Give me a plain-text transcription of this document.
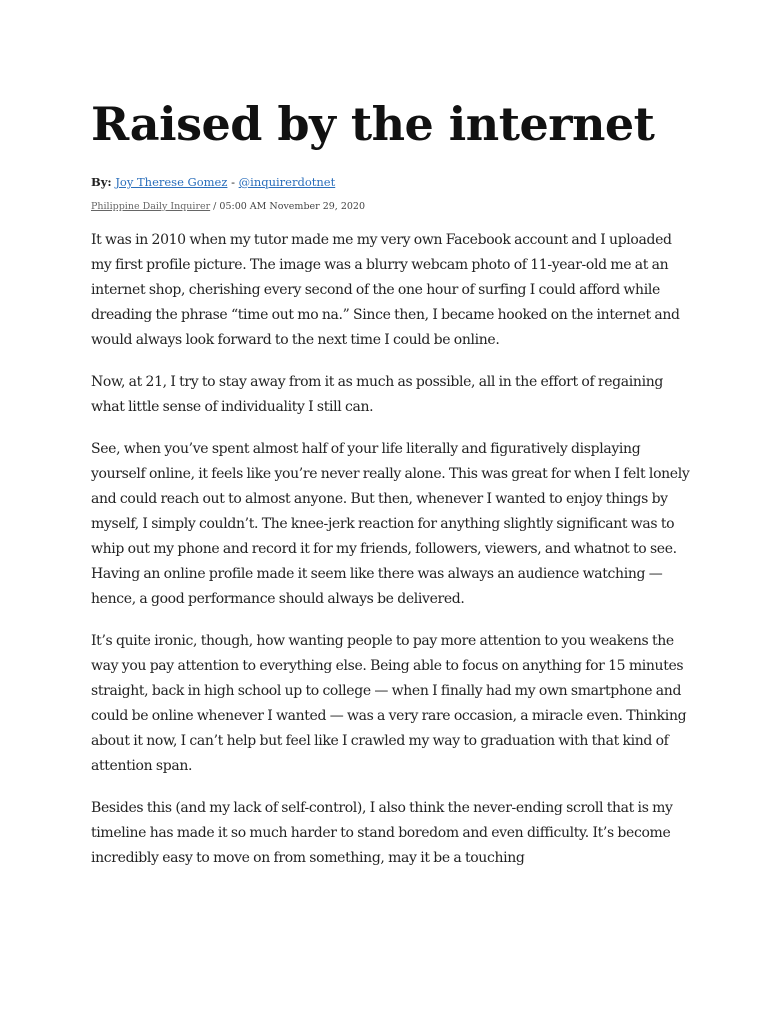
Raised by the internet
By: Joy Therese Gomez - @inquirerdotnet
Philippine Daily Inquirer / 05:00 AM November 29, 2020

It was in 2010 when my tutor made me my very own Facebook account and I uploaded my first profile picture. The image was a blurry webcam photo of 11-year-old me at an internet shop, cherishing every second of the one hour of surfing I could afford while dreading the phrase “time out mo na.” Since then, I became hooked on the internet and would always look forward to the next time I could be online.

Now, at 21, I try to stay away from it as much as possible, all in the effort of regaining what little sense of individuality I still can.

See, when you’ve spent almost half of your life literally and figuratively displaying yourself online, it feels like you’re never really alone. This was great for when I felt lonely and could reach out to almost anyone. But then, whenever I wanted to enjoy things by myself, I simply couldn’t. The knee-jerk reaction for anything slightly significant was to whip out my phone and record it for my friends, followers, viewers, and whatnot to see. Having an online profile made it seem like there was always an audience watching — hence, a good performance should always be delivered.

It’s quite ironic, though, how wanting people to pay more attention to you weakens the way you pay attention to everything else. Being able to focus on anything for 15 minutes straight, back in high school up to college — when I finally had my own smartphone and could be online whenever I wanted — was a very rare occasion, a miracle even. Thinking about it now, I can’t help but feel like I crawled my way to graduation with that kind of attention span.

Besides this (and my lack of self-control), I also think the never-ending scroll that is my timeline has made it so much harder to stand boredom and even difficulty. It’s become incredibly easy to move on from something, may it be a touching
